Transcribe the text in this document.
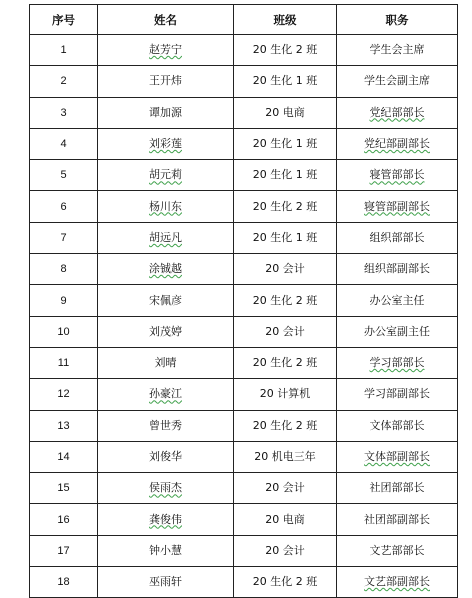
序号	姓名	班级	职务
1	赵芳宁	20 生化 2 班	学生会主席
2	王开炜	20 生化 1 班	学生会副主席
3	谭加源	20 电商	党纪部部长
4	刘彩莲	20 生化 1 班	党纪部副部长
5	胡元莉	20 生化 1 班	寝管部部长
6	杨川东	20 生化 2 班	寝管部副部长
7	胡远凡	20 生化 1 班	组织部部长
8	涂铖越	20 会计	组织部副部长
9	宋佩彦	20 生化 2 班	办公室主任
10	刘茂婷	20 会计	办公室副主任
11	刘晴	20 生化 2 班	学习部部长
12	孙豪江	20 计算机	学习部副部长
13	曾世秀	20 生化 2 班	文体部部长
14	刘俊华	20 机电三年	文体部副部长
15	侯雨杰	20 会计	社团部部长
16	龚俊伟	20 电商	社团部副部长
17	钟小慧	20 会计	文艺部部长
18	巫雨轩	20 生化 2 班	文艺部副部长
